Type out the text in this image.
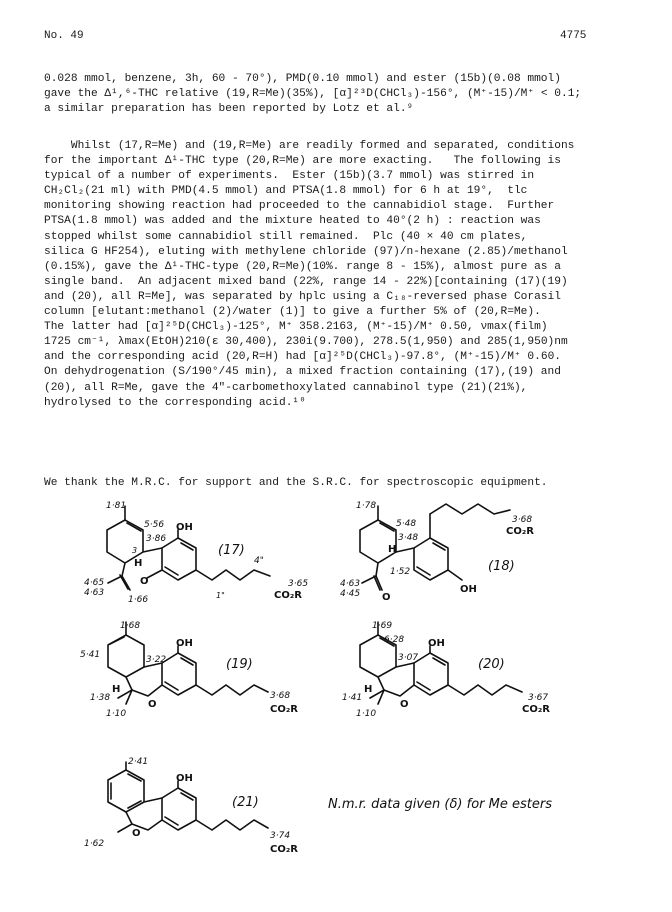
No. 49	4775
0.028 mmol, benzene, 3h, 60 - 70°), PMD(0.10 mmol) and ester (15b)(0.08 mmol)
gave the Δ¹,⁶-THC relative (19,R=Me)(35%), [α]²³D(CHCl₃)-156°, (M⁺-15)/M⁺ < 0.1;
a similar preparation has been reported by Lotz et al.⁹
Whilst (17,R=Me) and (19,R=Me) are readily formed and separated, conditions
for the important Δ¹-THC type (20,R=Me) are more exacting.   The following is
typical of a number of experiments.  Ester (15b)(3.7 mmol) was stirred in
CH₂Cl₂(21 ml) with PMD(4.5 mmol) and PTSA(1.8 mmol) for 6 h at 19°,  tlc
monitoring showing reaction had proceeded to the cannabidiol stage.  Further
PTSA(1.8 mmol) was added and the mixture heated to 40°(2 h) : reaction was
stopped whilst some cannabidiol still remained.  Plc (40 × 40 cm plates,
silica G HF254), eluting with methylene chloride (97)/n-hexane (2.85)/methanol
(0.15%), gave the Δ¹-THC-type (20,R=Me)(10%. range 8 - 15%), almost pure as a
single band.  An adjacent mixed band (22%, range 14 - 22%)[containing (17)(19)
and (20), all R=Me], was separated by hplc using a C₁₈-reversed phase Corasil
column [elutant:methanol (2)/water (1)] to give a further 5% of (20,R=Me).
The latter had [α]²⁵D(CHCl₃)-125°, M⁺ 358.2163, (M⁺-15)/M⁺ 0.50, νmax(film)
1725 cm⁻¹, λmax(EtOH)210(ε 30,400), 230i(9.700), 278.5(1,950) and 285(1,950)nm
and the corresponding acid (20,R=H) had [α]²⁵D(CHCl₃)-97.8°, (M⁺-15)/M⁺ 0.60.
On dehydrogenation (S/190°/45 min), a mixed fraction containing (17),(19) and
(20), all R=Me, gave the 4"-carbomethoxylated cannabinol type (21)(21%),
hydrolysed to the corresponding acid.¹⁰
We thank the M.R.C. for support and the S.R.C. for spectroscopic equipment.
1·81
5·56
3·86
3
4·65
4·63
1·66	1"
4"
3·65
OH
H
O
CO₂R
(17)
1·78
5·48
3·48
1·52
4·63
4·45
3·68
OH
H
O
CO₂R
(18)
1·68
5·41	3·22
1·38
1·10
3·68
OH
H
O	CO₂R
(19)
1·69
6·28
3·07
1·41
1·10
3·67
OH
H
O	CO₂R
(20)
2·41
1·62
3·74
OH
O
CO₂R
(21)	N.m.r. data given (δ) for Me esters
